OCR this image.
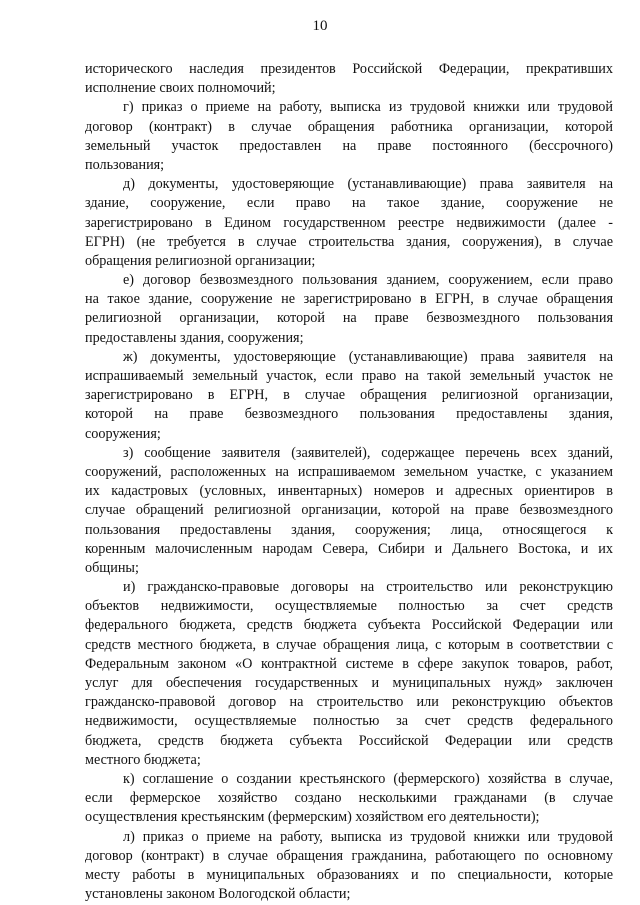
10
исторического наследия президентов Российской Федерации, прекративших
исполнение своих полномочий;
г) приказ о приеме на работу, выписка из трудовой книжки или трудовой
договор (контракт) в случае обращения работника организации, которой
земельный участок предоставлен на праве постоянного (бессрочного)
пользования;
д) документы, удостоверяющие (устанавливающие) права заявителя на
здание, сооружение, если право на такое здание, сооружение не
зарегистрировано в Едином государственном реестре недвижимости (далее -
ЕГРН) (не требуется в случае строительства здания, сооружения), в случае
обращения религиозной организации;
е) договор безвозмездного пользования зданием, сооружением, если право
на такое здание, сооружение не зарегистрировано в ЕГРН, в случае обращения
религиозной организации, которой на праве безвозмездного пользования
предоставлены здания, сооружения;
ж) документы, удостоверяющие (устанавливающие) права заявителя на
испрашиваемый земельный участок, если право на такой земельный участок не
зарегистрировано в ЕГРН, в случае обращения религиозной организации,
которой на праве безвозмездного пользования предоставлены здания,
сооружения;
з) сообщение заявителя (заявителей), содержащее перечень всех зданий,
сооружений, расположенных на испрашиваемом земельном участке, с указанием
их кадастровых (условных, инвентарных) номеров и адресных ориентиров в
случае обращений религиозной организации, которой на праве безвозмездного
пользования предоставлены здания, сооружения; лица, относящегося к
коренным малочисленным народам Севера, Сибири и Дальнего Востока, и их
общины;
и) гражданско-правовые договоры на строительство или реконструкцию
объектов недвижимости, осуществляемые полностью за счет средств
федерального бюджета, средств бюджета субъекта Российской Федерации или
средств местного бюджета, в случае обращения лица, с которым в соответствии с
Федеральным законом «О контрактной системе в сфере закупок товаров, работ,
услуг для обеспечения государственных и муниципальных нужд» заключен
гражданско-правовой договор на строительство или реконструкцию объектов
недвижимости, осуществляемые полностью за счет средств федерального
бюджета, средств бюджета субъекта Российской Федерации или средств
местного бюджета;
к) соглашение о создании крестьянского (фермерского) хозяйства в случае,
если фермерское хозяйство создано несколькими гражданами (в случае
осуществления крестьянским (фермерским) хозяйством его деятельности);
л) приказ о приеме на работу, выписка из трудовой книжки или трудовой
договор (контракт) в случае обращения гражданина, работающего по основному
месту работы в муниципальных образованиях и по специальности, которые
установлены законом Вологодской области;
